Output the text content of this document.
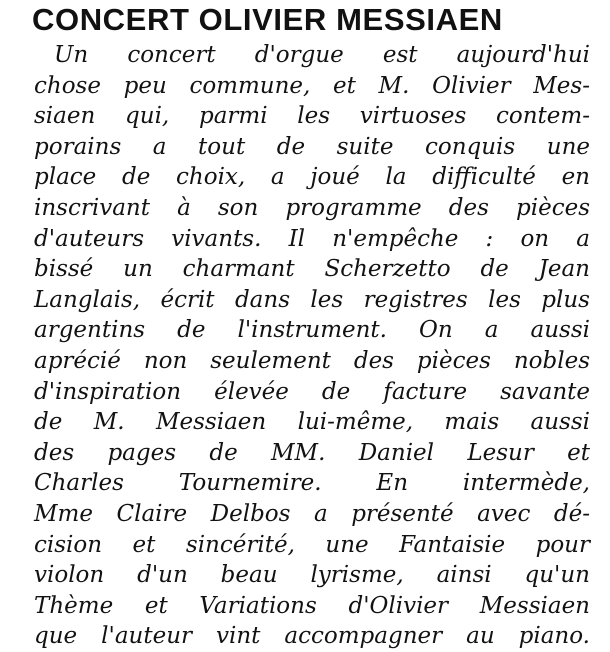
CONCERT OLIVIER MESSIAEN
Un concert d'orgue est aujourd'hui
chose peu commune, et M. Olivier Mes-
siaen qui, parmi les virtuoses contem-
porains a tout de suite conquis une
place de choix, a joué la difficulté en
inscrivant à son programme des pièces
d'auteurs vivants. Il n'empêche : on a
bissé un charmant Scherzetto de Jean
Langlais, écrit dans les registres les plus
argentins de l'instrument. On a aussi
aprécié non seulement des pièces nobles
d'inspiration élevée de facture savante
de M. Messiaen lui-même, mais aussi
des pages de MM. Daniel Lesur et
Charles Tournemire. En intermède,
Mme Claire Delbos a présenté avec dé-
cision et sincérité, une Fantaisie pour
violon d'un beau lyrisme, ainsi qu'un
Thème et Variations d'Olivier Messiaen
que l'auteur vint accompagner au piano.
